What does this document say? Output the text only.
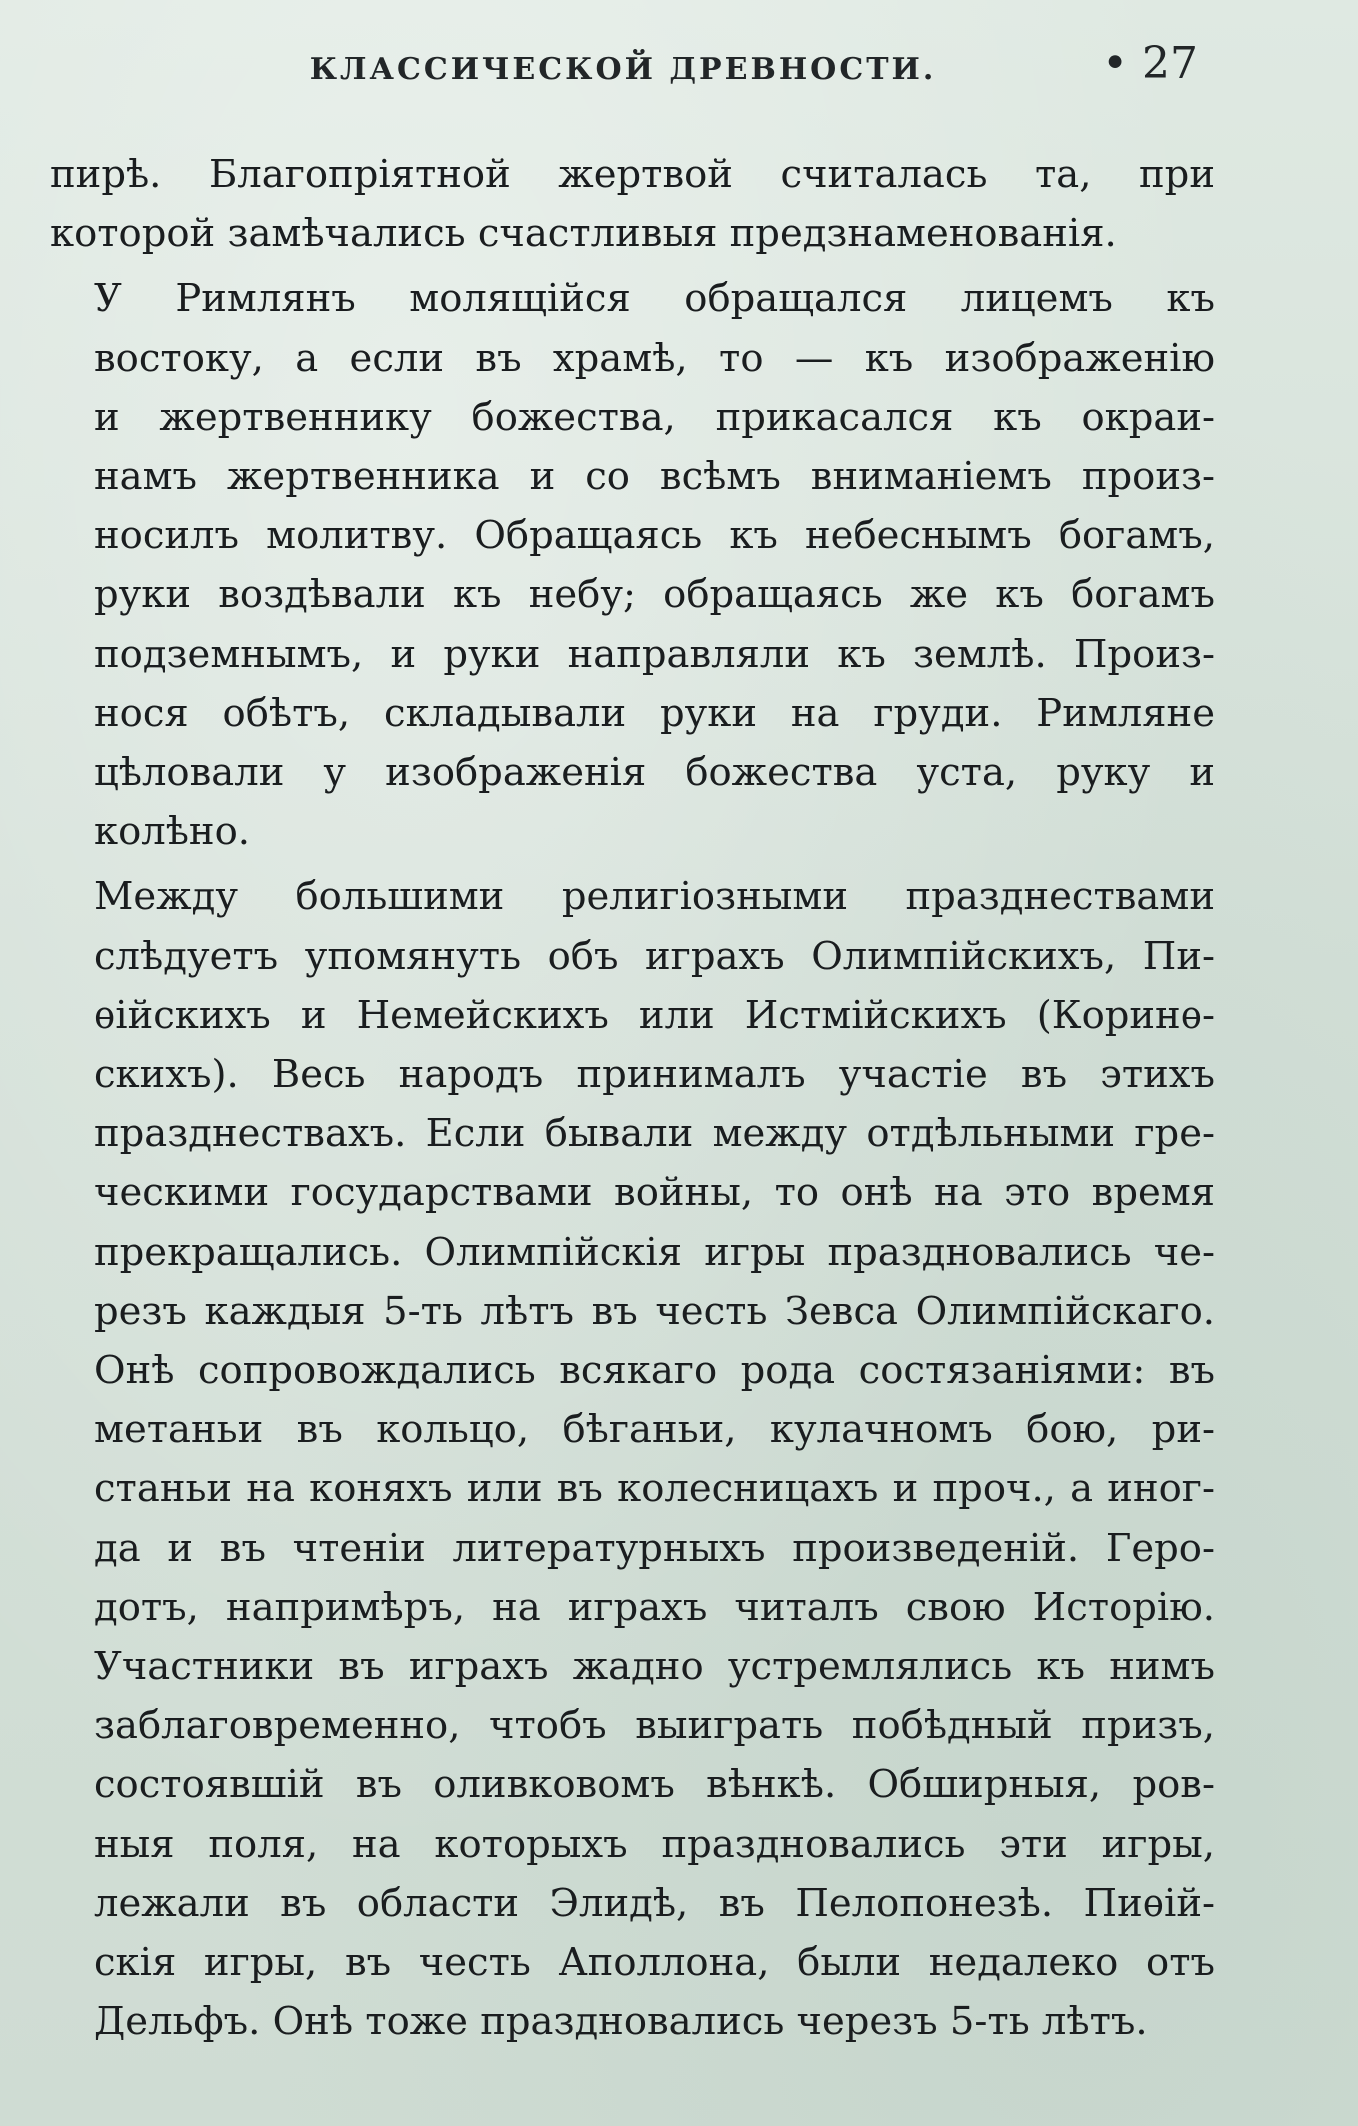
КЛАССИЧЕСКОЙ ДРЕВНОСТИ.	• 27

пирѣ. Благопріятной жертвой считалась та, при
которой замѣчались счастливыя предзнаменованія.

У Римлянъ молящійся обращался лицемъ къ
востоку, а если въ храмѣ, то — къ изображенію
и жертвеннику божества, прикасался къ окраи-
намъ жертвенника и со всѣмъ вниманіемъ произ-
носилъ молитву. Обращаясь къ небеснымъ богамъ,
руки воздѣвали къ небу; обращаясь же къ богамъ
подземнымъ, и руки направляли къ землѣ. Произ-
нося обѣтъ, складывали руки на груди. Римляне
цѣловали у изображенія божества уста, руку и
колѣно.

Между большими религіозными празднествами
слѣдуетъ упомянуть объ играхъ Олимпійскихъ, Пи-
ѳійскихъ и Немейскихъ или Истмійскихъ (Коринѳ-
скихъ). Весь народъ принималъ участіе въ этихъ
празднествахъ. Если бывали между отдѣльными гре-
ческими государствами войны, то онѣ на это время
прекращались. Олимпійскія игры праздновались че-
резъ каждыя 5-ть лѣтъ въ честь Зевса Олимпійскаго.
Онѣ сопровождались всякаго рода состязаніями: въ
метаньи въ кольцо, бѣганьи, кулачномъ бою, ри-
станьи на коняхъ или въ колесницахъ и проч., а иног-
да и въ чтеніи литературныхъ произведеній. Геро-
дотъ, напримѣръ, на играхъ читалъ свою Исторію.
Участники въ играхъ жадно устремлялись къ нимъ
заблаговременно, чтобъ выиграть побѣдный призъ,
состоявшій въ оливковомъ вѣнкѣ. Обширныя, ров-
ныя поля, на которыхъ праздновались эти игры,
лежали въ области Элидѣ, въ Пелопонезѣ. Пиѳій-
скія игры, въ честь Аполлона, были недалеко отъ
Дельфъ. Онѣ тоже праздновались черезъ 5-ть лѣтъ.
